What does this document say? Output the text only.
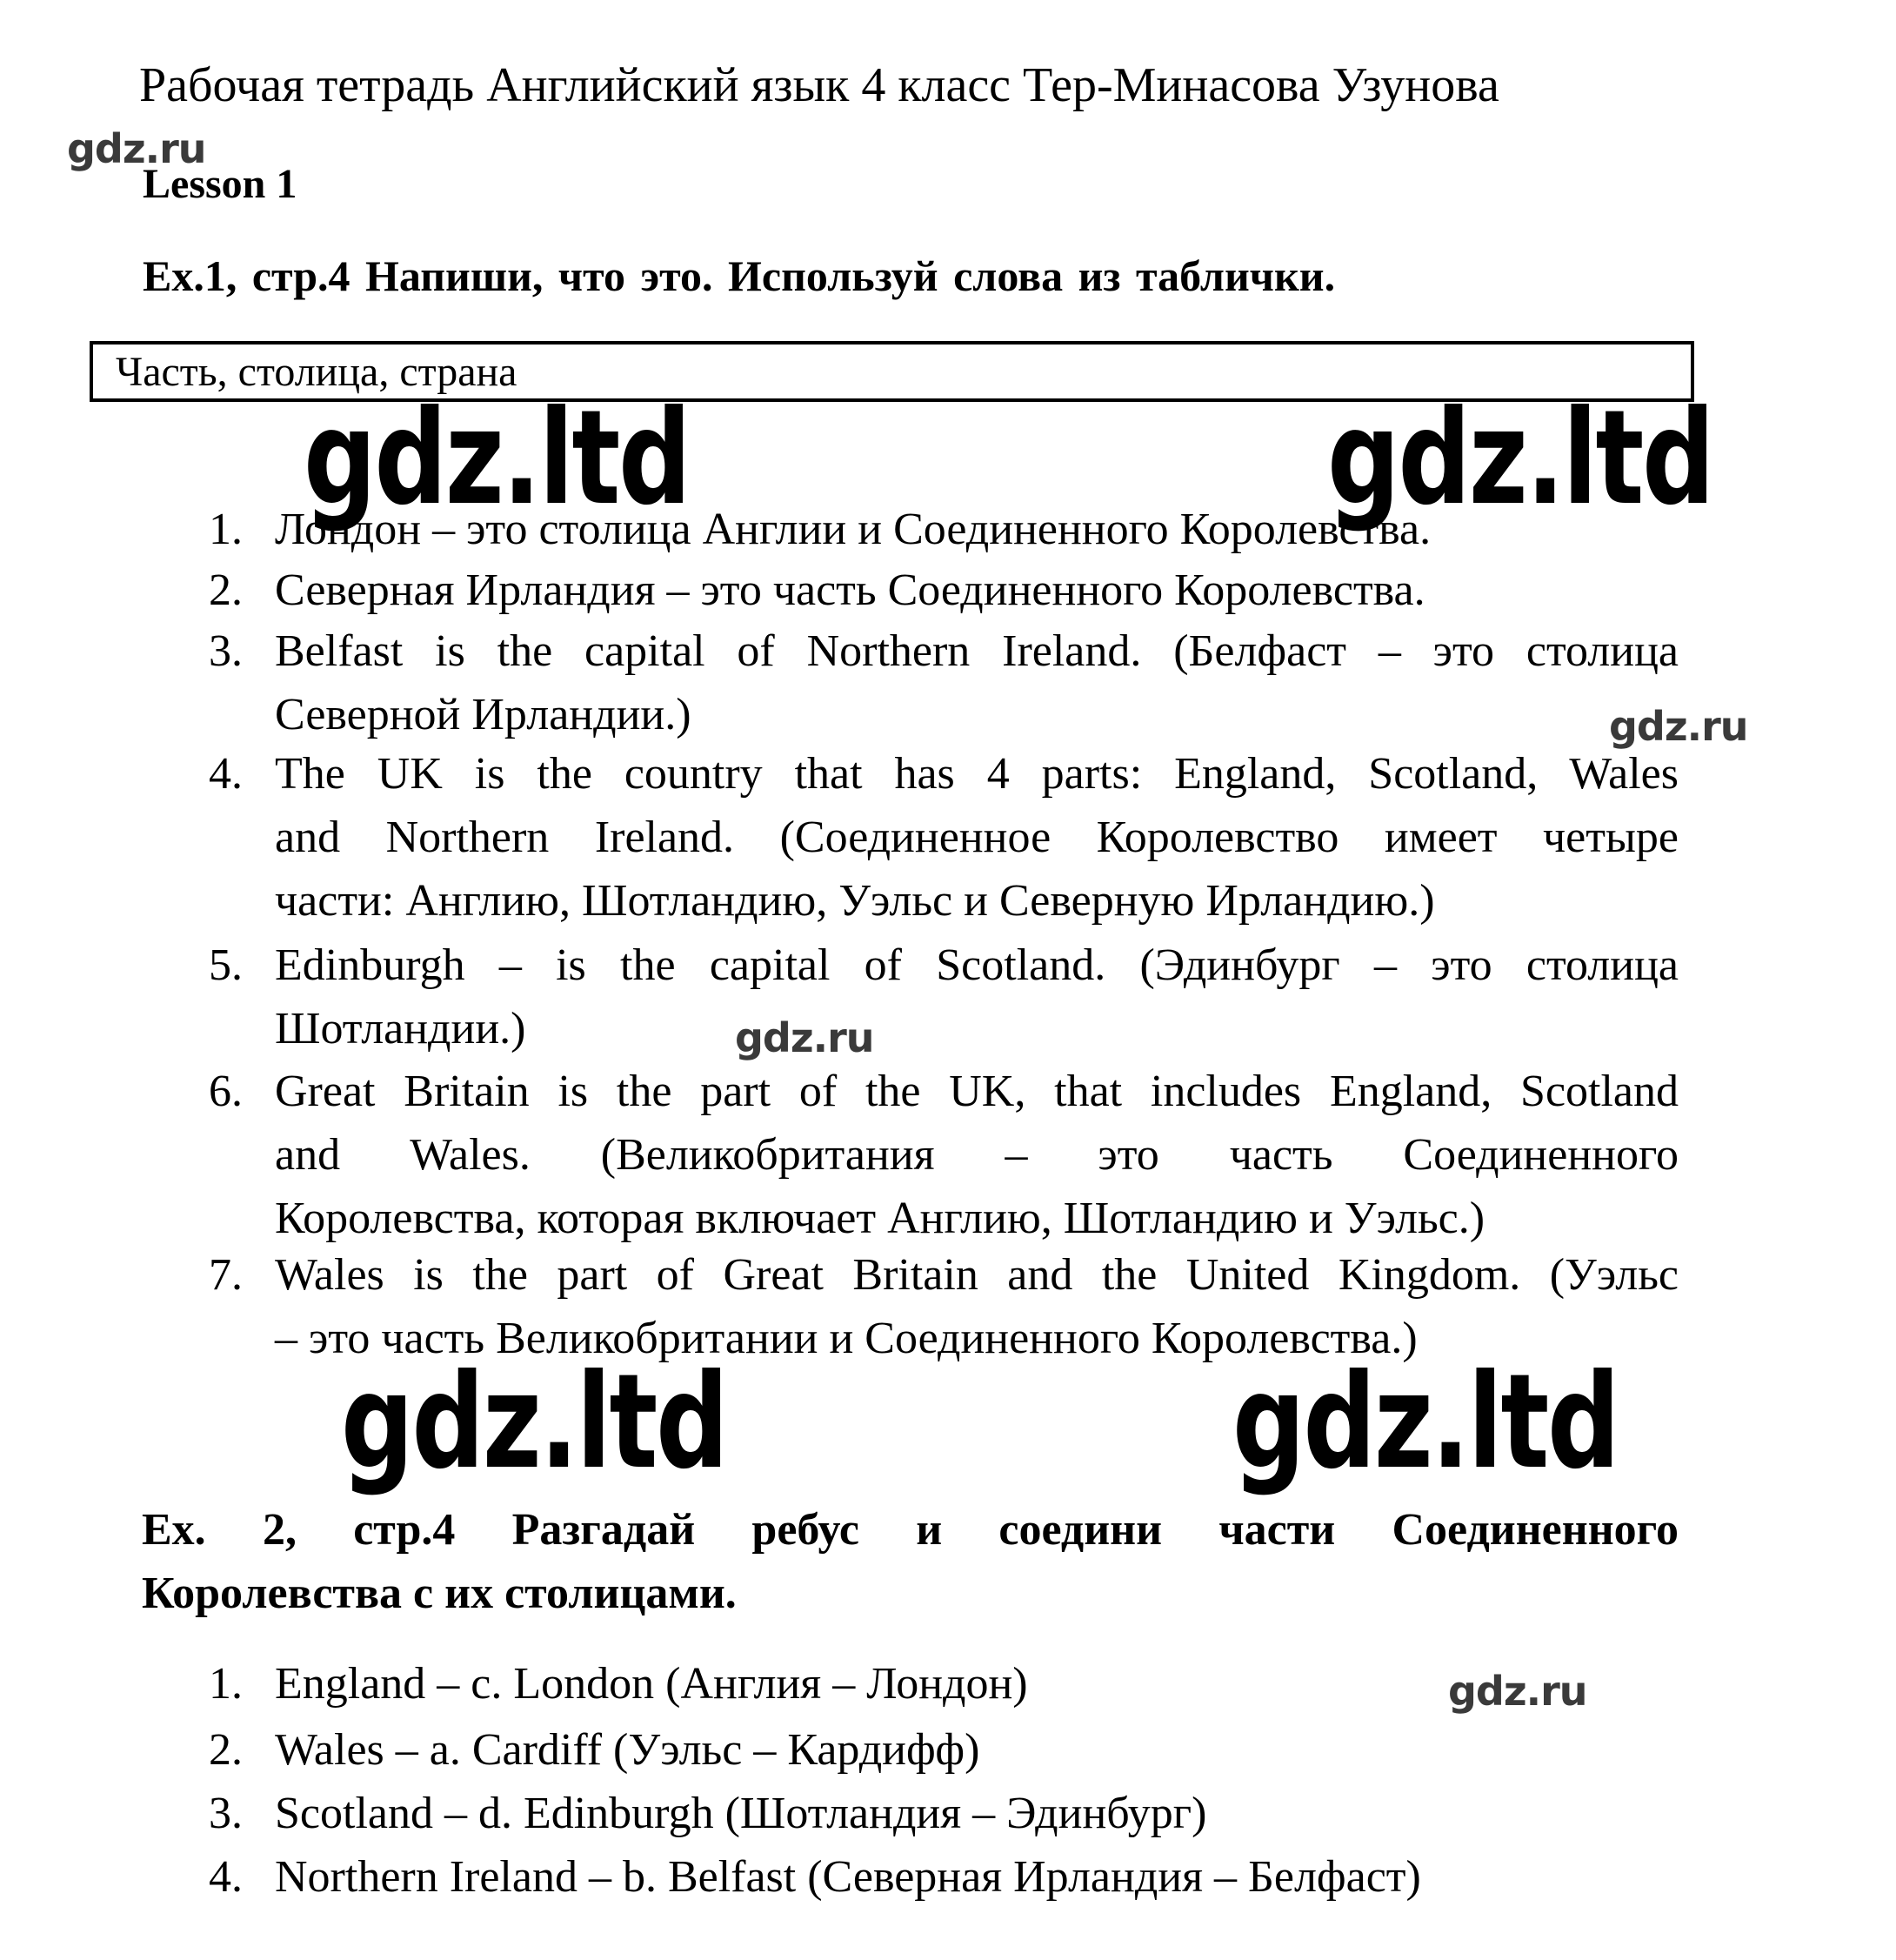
Рабочая тетрадь Английский язык 4 класс Тер-Минасова Узунова
gdz.ru
Lesson 1
Ex.1, стр.4 Напиши, что это. Используй слова из таблички.
Часть, столица, страна
gdz.ltd	gdz.ltd
1. Лондон – это столица Англии и Соединенного Королевства.
2. Северная Ирландия – это часть Соединенного Королевства.
3. Belfast is the capital of Northern Ireland. (Белфаст – это столица
Северной Ирландии.)	gdz.ru
4. The UK is the country that has 4 parts: England, Scotland, Wales
and Northern Ireland. (Соединенное Королевство имеет четыре
части: Англию, Шотландию, Уэльс и Северную Ирландию.)
5. Edinburgh – is the capital of Scotland. (Эдинбург – это столица
Шотландии.)	gdz.ru
6. Great Britain is the part of the UK, that includes England, Scotland
and Wales. (Великобритания – это часть Соединенного
Королевства, которая включает Англию, Шотландию и Уэльс.)
7. Wales is the part of Great Britain and the United Kingdom. (Уэльс
– это часть Великобритании и Соединенного Королевства.)
gdz.ltd	gdz.ltd
Ex. 2, стр.4 Разгадай ребус и соедини части Соединенного
Королевства с их столицами.
1. England – c. London (Англия – Лондон)	gdz.ru
2. Wales – a. Cardiff (Уэльс – Кардифф)
3. Scotland – d. Edinburgh (Шотландия – Эдинбург)
4. Northern Ireland – b. Belfast (Северная Ирландия – Белфаст)
